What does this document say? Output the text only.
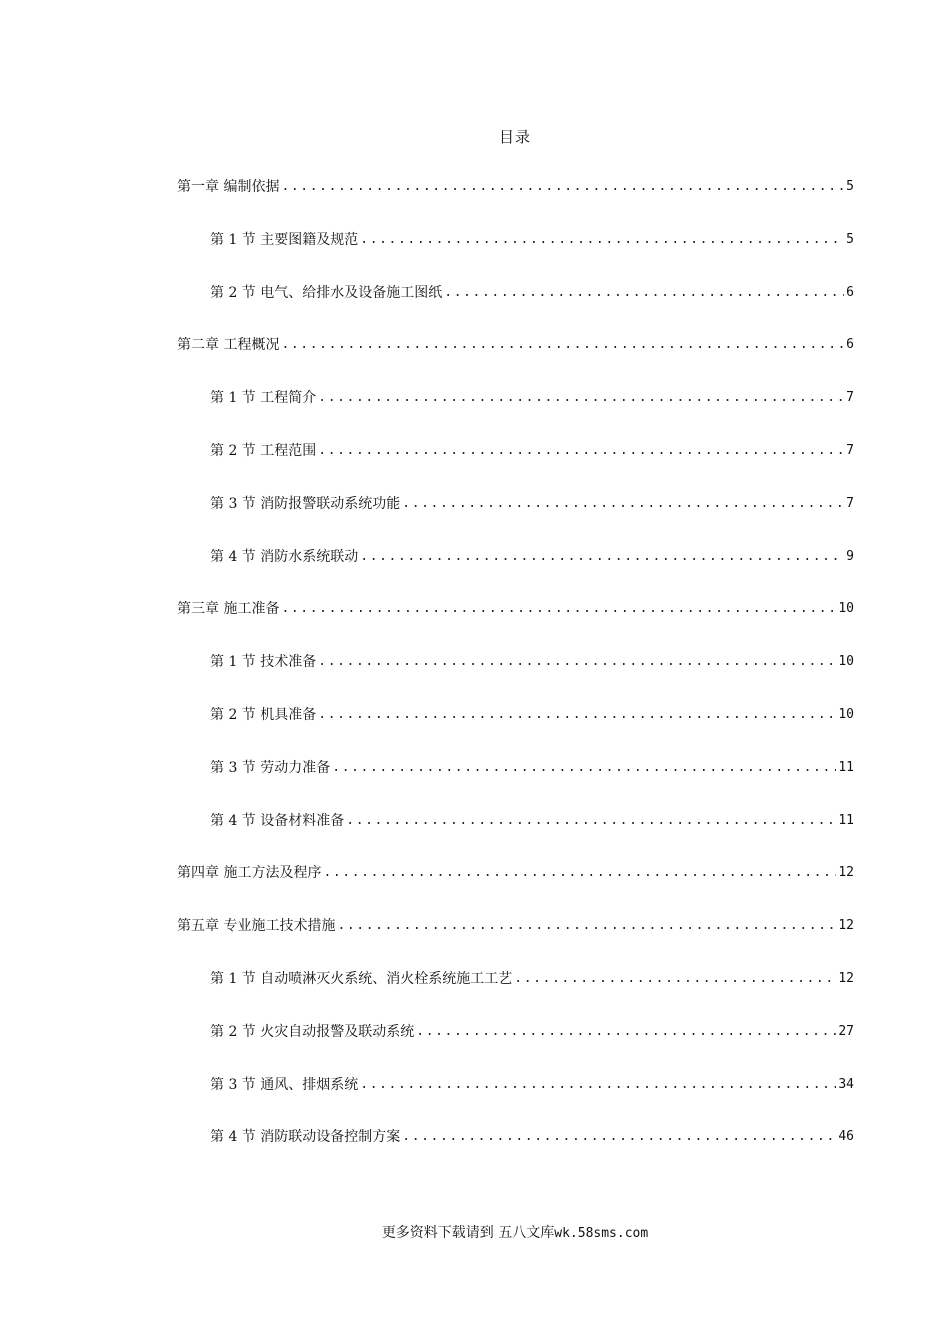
目录
第一章 编制依据 .....	5
第 1 节 主要图籍及规范 .....	5
第 2 节 电气、给排水及设备施工图纸 .....	6
第二章 工程概况 .....	6
第 1 节 工程简介 .....	7
第 2 节 工程范围 .....	7
第 3 节 消防报警联动系统功能 .....	7
第 4 节 消防水系统联动 .....	9
第三章 施工准备 .....	10
第 1 节 技术准备 .....	10
第 2 节 机具准备 .....	10
第 3 节 劳动力准备 .....	11
第 4 节 设备材料准备 .....	11
第四章 施工方法及程序 .....	12
第五章 专业施工技术措施 .....	12
第 1 节 自动喷淋灭火系统、消火栓系统施工工艺 .....	12
第 2 节 火灾自动报警及联动系统 .....	27
第 3 节 通风、排烟系统 .....	34
第 4 节 消防联动设备控制方案 .....	46
更多资料下载请到 五八文库wk.58sms.com
